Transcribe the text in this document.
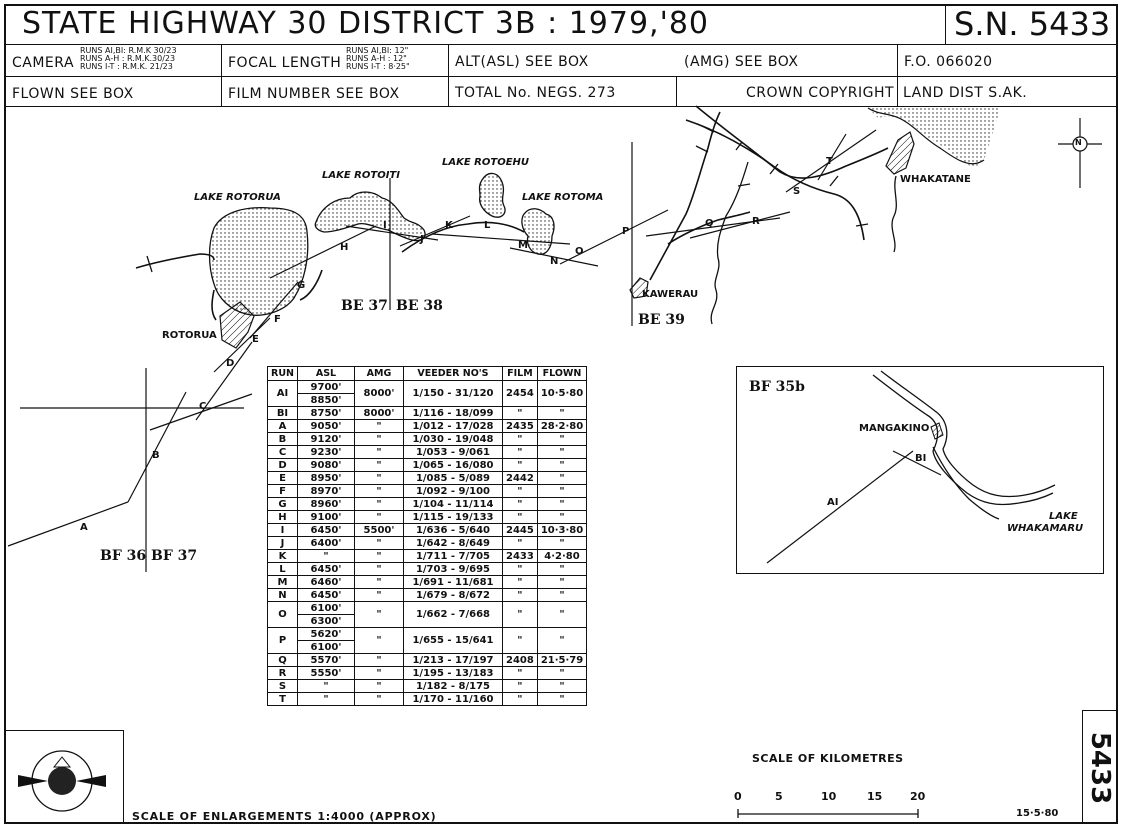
STATE HIGHWAY 30 DISTRICT 3B : 1979,'80	S.N. 5433
CAMERA
RUNS AI,BI: R.M.K 30/23
RUNS A-H : R.M.K.30/23
RUNS I-T : R.M.K. 21/23	FOCAL LENGTH
RUNS AI,BI: 12"
RUNS A-H : 12"
RUNS I-T : 8·25"	ALT(ASL) SEE BOX	(AMG) SEE BOX	F.O. 066020
FLOWN SEE BOX	FILM NUMBER SEE BOX	TOTAL No. NEGS. 273	CROWN COPYRIGHT LAND DIST S.AK.
LAKE ROTORUA
LAKE ROTOITI
LAKE ROTOEHU
LAKE ROTOMA
ROTORUA
KAWERAU
WHAKATANE
N
BE 37 BE 38
BE 39
BF 36 BF 37
A
B
C
D
E
F
G
H
I
J
K	L
M
N
O
P
Q	R
S
T
RUN	ASL	AMG	VEEDER NO'S	FILM	FLOWN
AI	9700'	8000'	1/150 - 31/120	2454	10·5·80
	8850'				
BI	8750'	8000'	1/116 - 18/099	"	"
A	9050'	"	1/012 - 17/028	2435	28·2·80
B	9120'	"	1/030 - 19/048	"	"
C	9230'	"	1/053 - 9/061	"	"
D	9080'	"	1/065 - 16/080	"	"
E	8950'	"	1/085 - 5/089	2442	"
F	8970'	"	1/092 - 9/100	"	"
G	8960'	"	1/104 - 11/114	"	"
H	9100'	"	1/115 - 19/133	"	"
I	6450'	5500'	1/636 - 5/640	2445	10·3·80
J	6400'	"	1/642 - 8/649	"	"
K	"	"	1/711 - 7/705	2433	4·2·80
L	6450'	"	1/703 - 9/695	"	"
M	6460'	"	1/691 - 11/681	"	"
N	6450'	"	1/679 - 8/672	"	"
O	6100'	"	1/662 - 7/668	"	"
	6300'				
P	5620'	"	1/655 - 15/641	"	"
	6100'				
Q	5570'	"	1/213 - 17/197	2408	21·5·79
R	5550'	"	1/195 - 13/183	"	"
S	"	"	1/182 - 8/175	"	"
T	"	"	1/170 - 11/160	"	"
BF 35b
MANGAKINO
LAKE
WHAKAMARU
AI
BI
SCALE OF KILOMETRES
0	5	10	15	20
15·5·80
SCALE OF ENLARGEMENTS 1:4000 (APPROX)
5433
